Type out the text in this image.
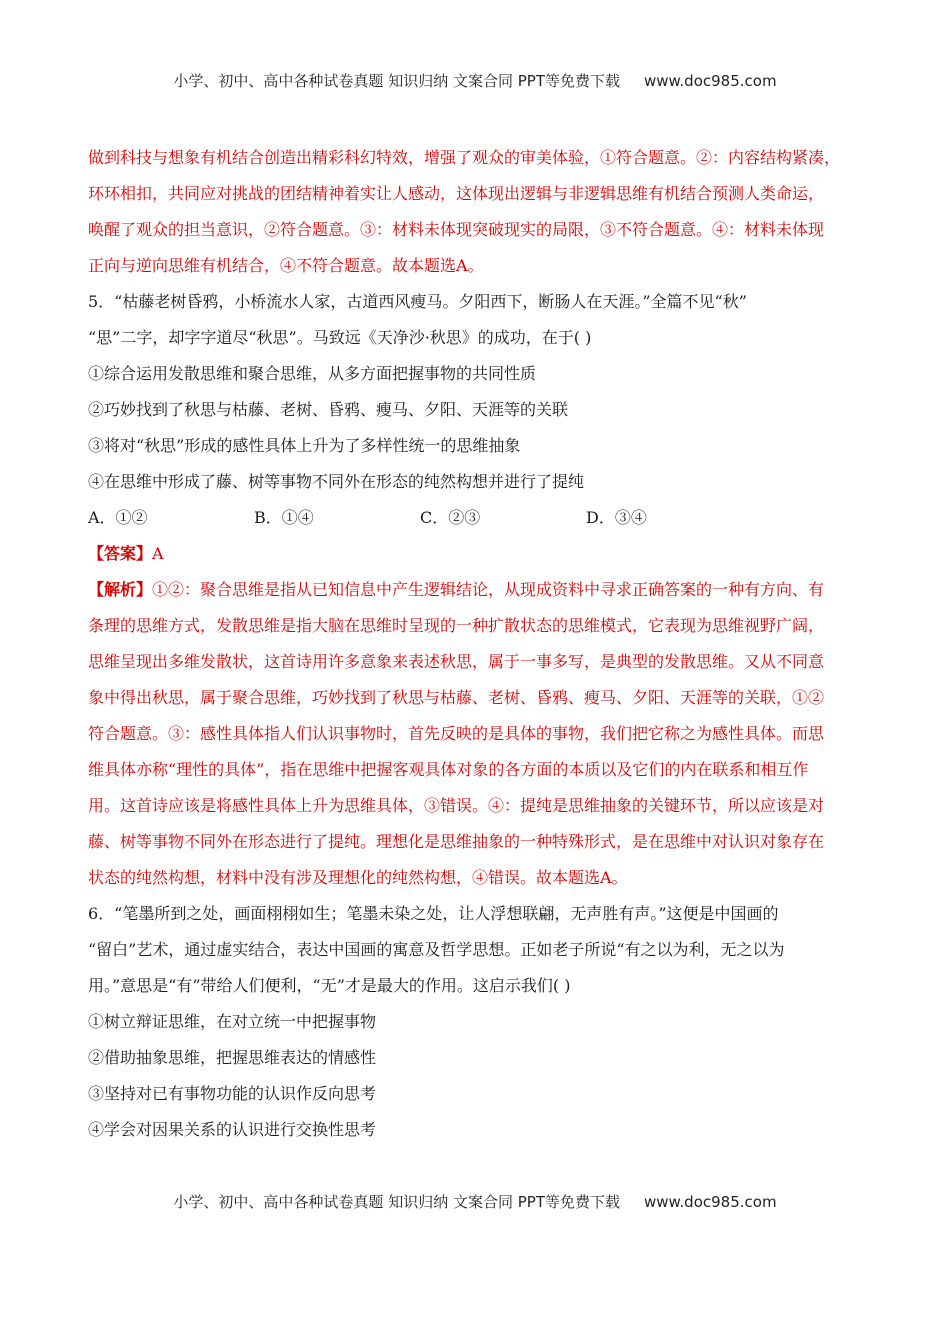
小学、初中、高中各种试卷真题 知识归纳 文案合同 PPT等免费下载 www.doc985.com
做到科技与想象有机结合创造出精彩科幻特效，增强了观众的审美体验，①符合题意。②：内容结构紧凑，
环环相扣，共同应对挑战的团结精神着实让人感动，这体现出逻辑与非逻辑思维有机结合预测人类命运，
唤醒了观众的担当意识，②符合题意。③：材料未体现突破现实的局限，③不符合题意。④：材料未体现
正向与逆向思维有机结合，④不符合题意。故本题选A。
5．“枯藤老树昏鸦，小桥流水人家，古道西风瘦马。夕阳西下，断肠人在天涯。”全篇不见“秋”
“思”二字，却字字道尽“秋思”。马致远《天净沙·秋思》的成功，在于( )
①综合运用发散思维和聚合思维，从多方面把握事物的共同性质
②巧妙找到了秋思与枯藤、老树、昏鸦、瘦马、夕阳、天涯等的关联
③将对“秋思”形成的感性具体上升为了多样性统一的思维抽象
④在思维中形成了藤、树等事物不同外在形态的纯然构想并进行了提纯
A．①②	B．①④	C．②③	D．③④
【答案】A
【解析】①②：聚合思维是指从已知信息中产生逻辑结论，从现成资料中寻求正确答案的一种有方向、有
条理的思维方式，发散思维是指大脑在思维时呈现的一种扩散状态的思维模式，它表现为思维视野广阔，
思维呈现出多维发散状，这首诗用许多意象来表述秋思，属于一事多写，是典型的发散思维。又从不同意
象中得出秋思，属于聚合思维，巧妙找到了秋思与枯藤、老树、昏鸦、瘦马、夕阳、天涯等的关联，①②
符合题意。③：感性具体指人们认识事物时，首先反映的是具体的事物，我们把它称之为感性具体。而思
维具体亦称“理性的具体”，指在思维中把握客观具体对象的各方面的本质以及它们的内在联系和相互作
用。这首诗应该是将感性具体上升为思维具体，③错误。④：提纯是思维抽象的关键环节，所以应该是对
藤、树等事物不同外在形态进行了提纯。理想化是思维抽象的一种特殊形式，是在思维中对认识对象存在
状态的纯然构想，材料中没有涉及理想化的纯然构想，④错误。故本题选A。
6．“笔墨所到之处，画面栩栩如生；笔墨未染之处，让人浮想联翩，无声胜有声。”这便是中国画的
“留白”艺术，通过虚实结合，表达中国画的寓意及哲学思想。正如老子所说“有之以为利，无之以为
用。”意思是“有”带给人们便利，“无”才是最大的作用。这启示我们( )
①树立辩证思维，在对立统一中把握事物
②借助抽象思维，把握思维表达的情感性
③坚持对已有事物功能的认识作反向思考
④学会对因果关系的认识进行交换性思考
小学、初中、高中各种试卷真题 知识归纳 文案合同 PPT等免费下载 www.doc985.com
